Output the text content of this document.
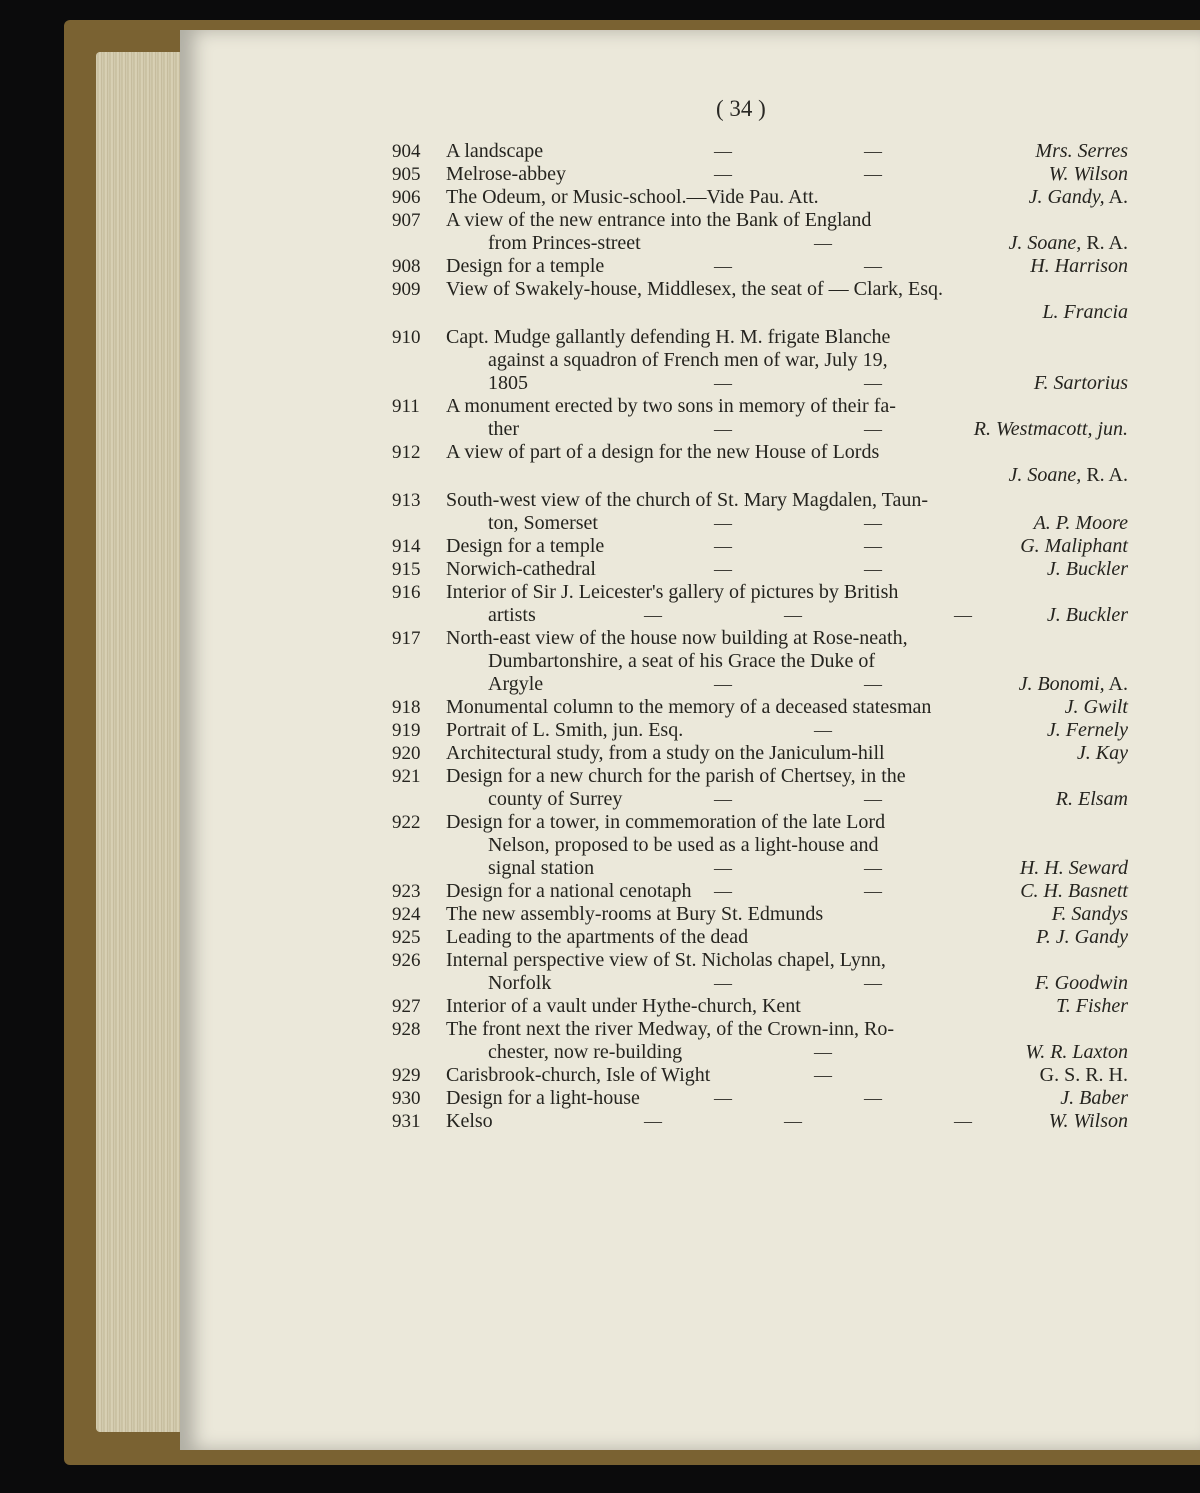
( 34 )
904	A landscape	—	—	Mrs. Serres
905	Melrose-abbey	—	—	W. Wilson
906	The Odeum, or Music-school.—Vide Pau. Att.	J. Gandy, A.
907	A view of the new entrance into the Bank of England
from Princes-street	—	J. Soane, R. A.
908	Design for a temple	—	—	H. Harrison
909	View of Swakely-house, Middlesex, the seat of — Clark, Esq.
L. Francia
910	Capt. Mudge gallantly defending H. M. frigate Blanche
against a squadron of French men of war, July 19,
1805	—	—	F. Sartorius
911	A monument erected by two sons in memory of their fa-
ther	—	—	R. Westmacott, jun.
912	A view of part of a design for the new House of Lords
J. Soane, R. A.
913	South-west view of the church of St. Mary Magdalen, Taun-
ton, Somerset	—	—	A. P. Moore
914	Design for a temple	—	—	G. Maliphant
915	Norwich-cathedral	—	—	J. Buckler
916	Interior of Sir J. Leicester's gallery of pictures by British
artists	—	—	—	J. Buckler
917	North-east view of the house now building at Rose-neath,
Dumbartonshire, a seat of his Grace the Duke of
Argyle	—	—	J. Bonomi, A.
918	Monumental column to the memory of a deceased statesman	J. Gwilt
919	Portrait of L. Smith, jun. Esq.	—	J. Fernely
920	Architectural study, from a study on the Janiculum-hill	J. Kay
921	Design for a new church for the parish of Chertsey, in the
county of Surrey	—	—	R. Elsam
922	Design for a tower, in commemoration of the late Lord
Nelson, proposed to be used as a light-house and
signal station	—	—	H. H. Seward
923	Design for a national cenotaph —	—	C. H. Basnett
924	The new assembly-rooms at Bury St. Edmunds	F. Sandys
925	Leading to the apartments of the dead	P. J. Gandy
926	Internal perspective view of St. Nicholas chapel, Lynn,
Norfolk	—	—	F. Goodwin
927	Interior of a vault under Hythe-church, Kent	T. Fisher
928	The front next the river Medway, of the Crown-inn, Ro-
chester, now re-building	—	W. R. Laxton
929	Carisbrook-church, Isle of Wight	—	G. S. R. H.
930	Design for a light-house	—	—	J. Baber
931	Kelso	—	—	—	W. Wilson
